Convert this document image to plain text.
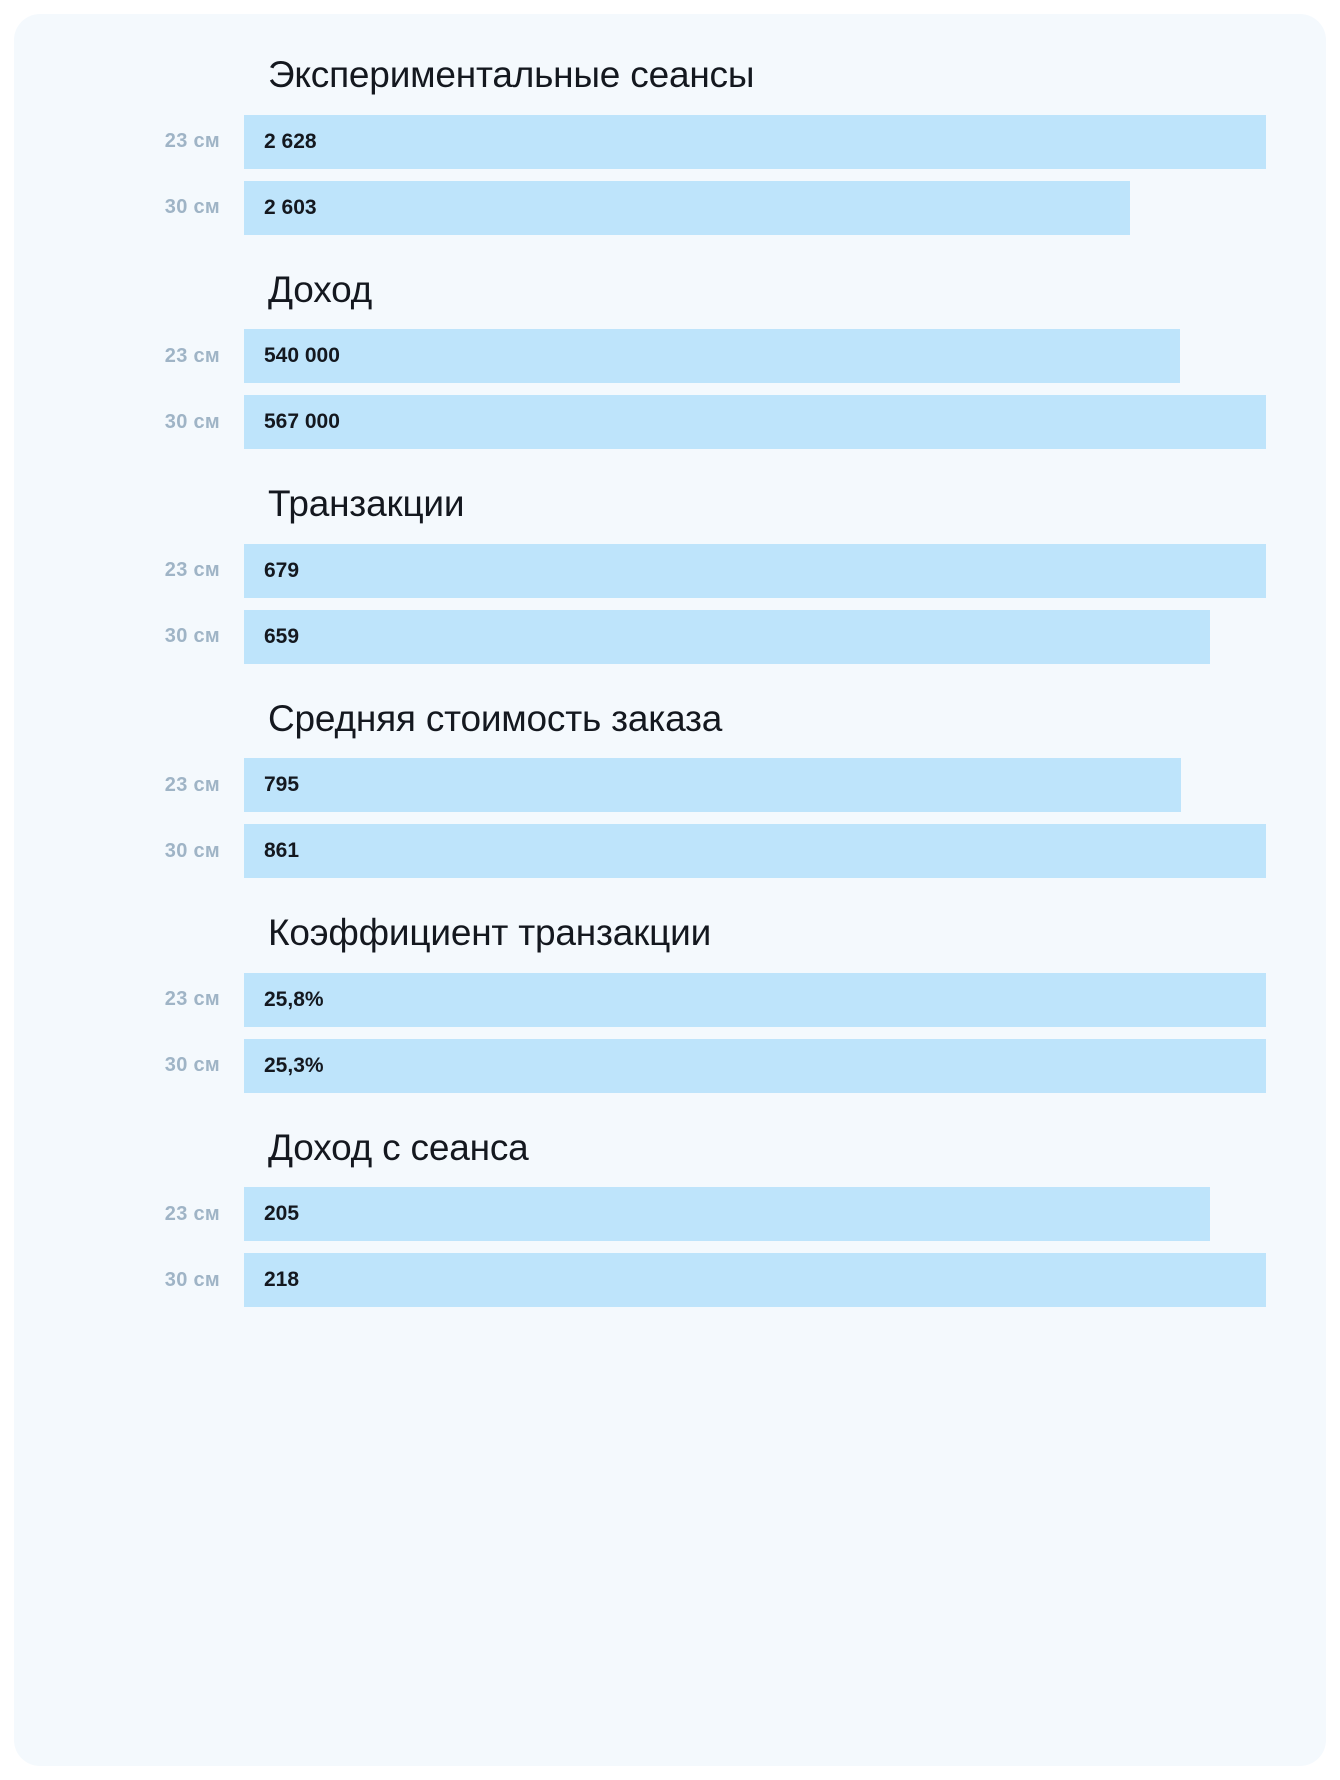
Экспериментальные сеансы
23 см	2 628
30 см	2 603
Доход
23 см	540 000
30 см	567 000
Транзакции
23 см	679
30 см	659
Средняя стоимость заказа
23 см	795
30 см	861
Коэффициент транзакции
23 см	25,8%
30 см	25,3%
Доход с сеанса
23 см	205
30 см	218
